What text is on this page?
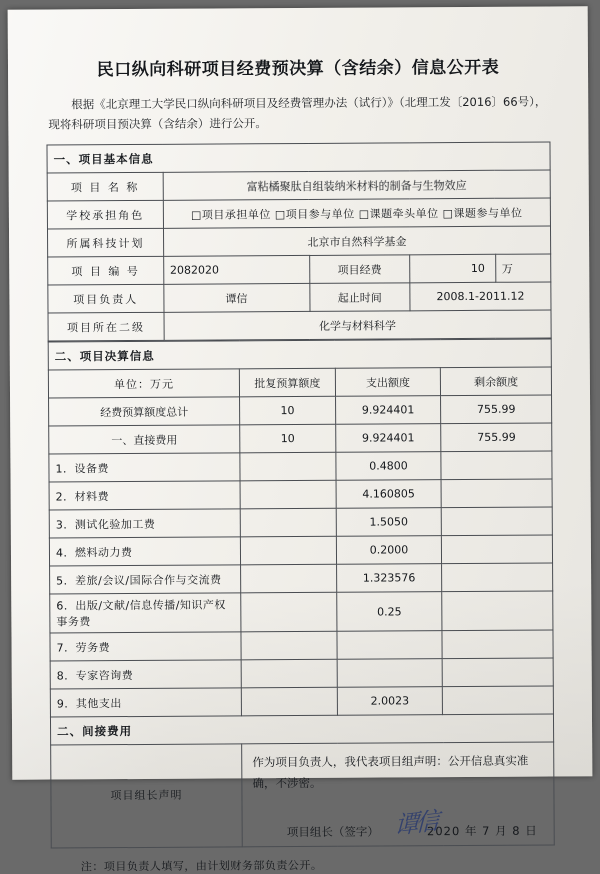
民口纵向科研项目经费预决算（含结余）信息公开表
根据《北京理工大学民口纵向科研项目及经费管理办法（试行）》（北理工发〔2016〕66号），现将科研项目预决算（含结余）进行公开。
一、项目基本信息				
项 目 名 称	富粘橘聚肽自组装纳米材料的制备与生物效应			
学校承担角色	□项目承担单位 □项目参与单位 □课题牵头单位 □课题参与单位			
所属科技计划	北京市自然科学基金			
项 目 编 号	2082020	项目经费	10	万
项目负责人	谭信	起止时间	2008.1-2011.12	
项目所在二级	化学与材料科学			
二、项目决算信息			
单位：万元	批复预算额度	支出额度	剩余额度
经费预算额度总计	10	9.924401	755.99
一、直接费用	10	9.924401	755.99
1．设备费		0.4800	
2．材料费		4.160805	
3．测试化验加工费		1.5050	
4．燃料动力费		0.2000	
5．差旅/会议/国际合作与交流费		1.323576	
6．出版/文献/信息传播/知识产权事务费		0.25	
7．劳务费			
8．专家咨询费			
9．其他支出		2.0023	
二、间接费用			
项目组长声明	作为项目负责人，我代表项目组声明：公开信息真实准确，不涉密。
项目组长（签字） 谭信
2020 年 7 月 8 日		
注：项目负责人填写，由计划财务部负责公开。
